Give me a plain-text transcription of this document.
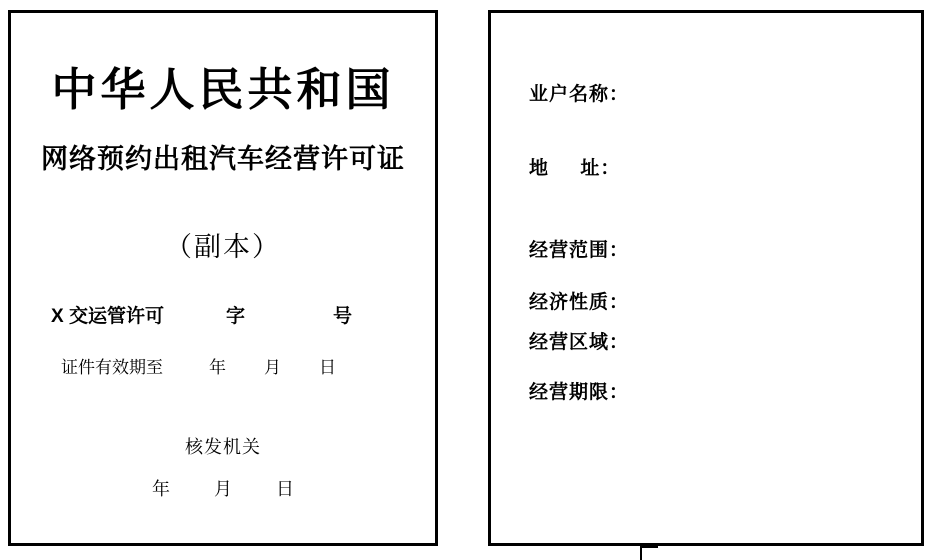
中华人民共和国
网络预约出租汽车经营许可证
（副本）
X 交运管许可	字	号
证件有效期至	年 月 日
核发机关
年 月 日
业户名称：
地     址：
经营范围：
经济性质：
经营区域：
经营期限：
